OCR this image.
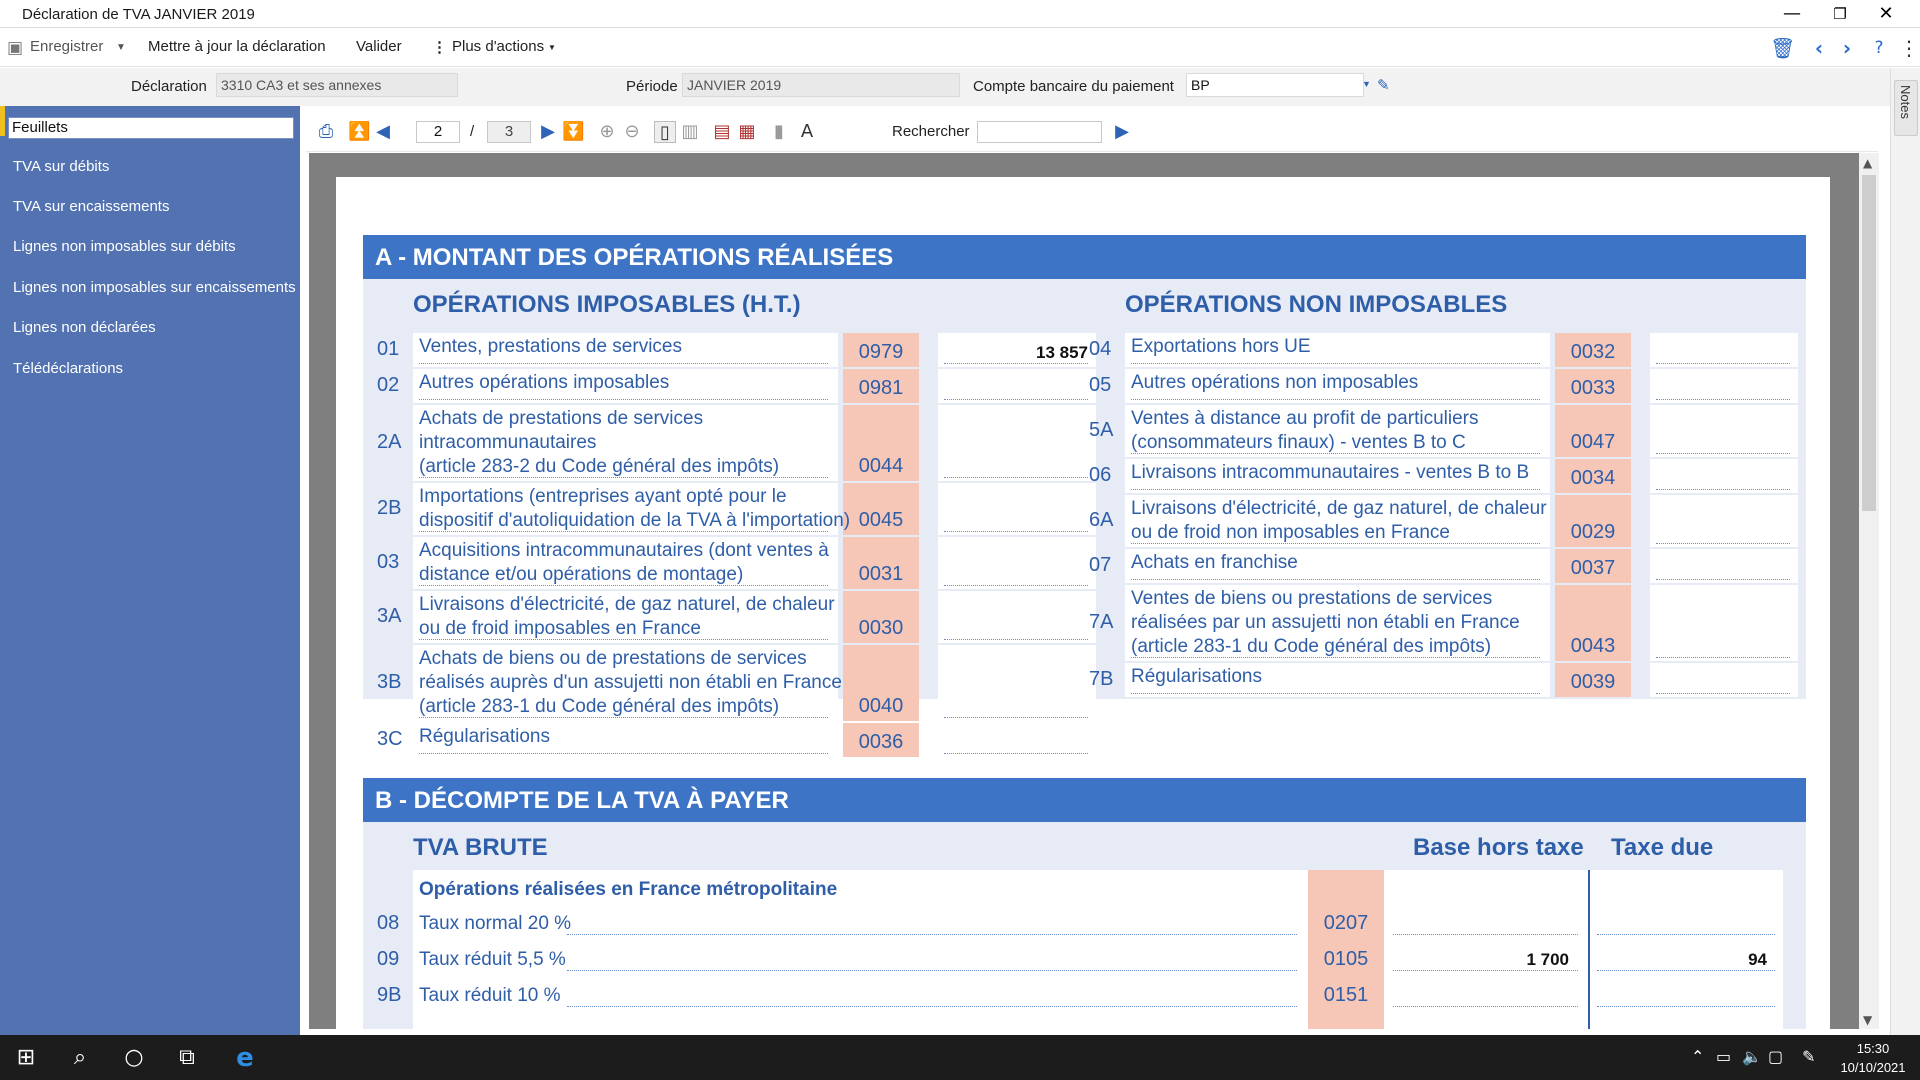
Déclaration de TVA JANVIER 2019	—	❐	✕
▣ Enregistrer ▼ Mettre à jour la déclaration Valider ⋮ Plus d'actions ▼	🗑 ‹ ›	? ⋮
Déclaration	3310 CA3 et ses annexes	Période JANVIER 2019	Compte bancaire du paiement	BP	▼ ✎
Feuillets
TVA sur débits
TVA sur encaissements
Lignes non imposables sur débits
Lignes non imposables sur encaissements
Lignes non déclarées
Télédéclarations
Notes
⎙ ⏫ ◀	2	/	3	▶ ⏬ ⊕ ⊖	▯ ▥ ▤ ▦	▮ A	Rechercher	▶
A - MONTANT DES OPÉRATIONS RÉALISÉES
OPÉRATIONS IMPOSABLES (H.T.)	OPÉRATIONS NON IMPOSABLES
01	Ventes, prestations de services	0979	13 857
02	Autres opérations imposables	0981
2A
Achats de prestations de services
intracommunautaires
(article 283-2 du Code général des impôts)	0044
2B
Importations (entreprises ayant opté pour le
dispositif d'autoliquidation de la TVA à l'importation) 0045
03
Acquisitions intracommunautaires (dont ventes à
distance et/ou opérations de montage)	0031
3A
Livraisons d'électricité, de gaz naturel, de chaleur
ou de froid imposables en France	0030
3B
Achats de biens ou de prestations de services
réalisés auprès d'un assujetti non établi en France
(article 283-1 du Code général des impôts)	0040
3C Régularisations	0036
04	Exportations hors UE	0032
05	Autres opérations non imposables	0033
5A
Ventes à distance au profit de particuliers
(consommateurs finaux) - ventes B to C	0047
06	Livraisons intracommunautaires - ventes B to B	0034
6A
Livraisons d'électricité, de gaz naturel, de chaleur
ou de froid non imposables en France	0029
07	Achats en franchise	0037
7A
Ventes de biens ou prestations de services
réalisées par un assujetti non établi en France
(article 283-1 du Code général des impôts)	0043
7B Régularisations	0039
B - DÉCOMPTE DE LA TVA À PAYER
TVA BRUTE	Base hors taxe Taxe due
Opérations réalisées en France métropolitaine
08	Taux normal 20 %	0207
09	Taux réduit 5,5 %	0105	1 700	94
9B Taux réduit 10 %	0151
▲
▼
⊞	⌕	○ ⧉ e	⌃ ▭ 🔈 ▢ ✎	15:30
10/10/2021
